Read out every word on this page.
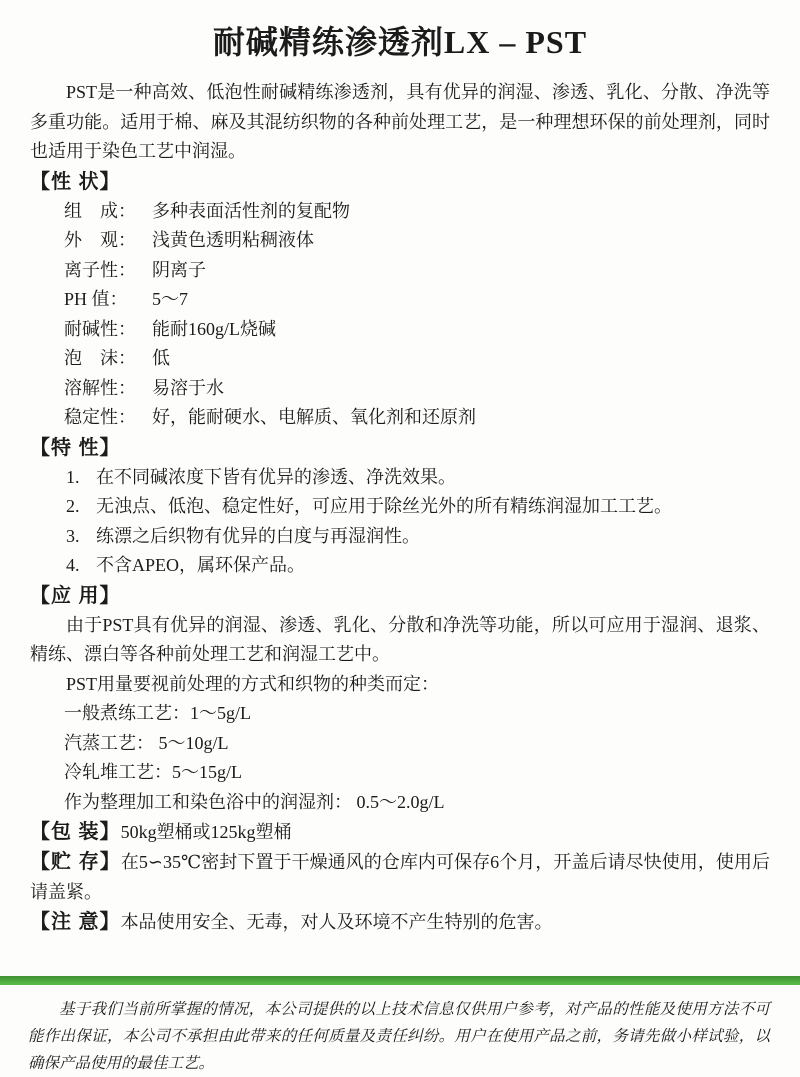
耐碱精练渗透剂LX – PST

PST是一种高效、低泡性耐碱精练渗透剂，具有优异的润湿、渗透、乳化、分散、净洗等多重功能。适用于棉、麻及其混纺织物的各种前处理工艺，是一种理想环保的前处理剂，同时也适用于染色工艺中润湿。

【性 状】
组　成： 多种表面活性剂的复配物
外　观： 浅黄色透明粘稠液体
离子性： 阴离子
PH 值：	5～7
耐碱性： 能耐160g/L烧碱
泡　沫： 低
溶解性： 易溶于水
稳定性： 好，能耐硬水、电解质、氧化剂和还原剂
【特 性】
1. 在不同碱浓度下皆有优异的渗透、净洗效果。
2. 无浊点、低泡、稳定性好，可应用于除丝光外的所有精练润湿加工工艺。
3. 练漂之后织物有优异的白度与再湿润性。
4. 不含APEO，属环保产品。
【应 用】

由于PST具有优异的润湿、渗透、乳化、分散和净洗等功能，所以可应用于湿润、退浆、精练、漂白等各种前处理工艺和润湿工艺中。

PST用量要视前处理的方式和织物的种类而定：

一般煮练工艺：1～5g/L

汽蒸工艺： 5～10g/L

冷轧堆工艺：5～15g/L

作为整理加工和染色浴中的润湿剂： 0.5～2.0g/L

【包 装】50kg塑桶或125kg塑桶

【贮 存】在5∽35℃密封下置于干燥通风的仓库内可保存6个月，开盖后请尽快使用，使用后请盖紧。

【注 意】本品使用安全、无毒，对人及环境不产生特别的危害。

基于我们当前所掌握的情况，本公司提供的以上技术信息仅供用户参考，对产品的性能及使用方法不可能作出保证，本公司不承担由此带来的任何质量及责任纠纷。用户在使用产品之前，务请先做小样试验，以确保产品使用的最佳工艺。
